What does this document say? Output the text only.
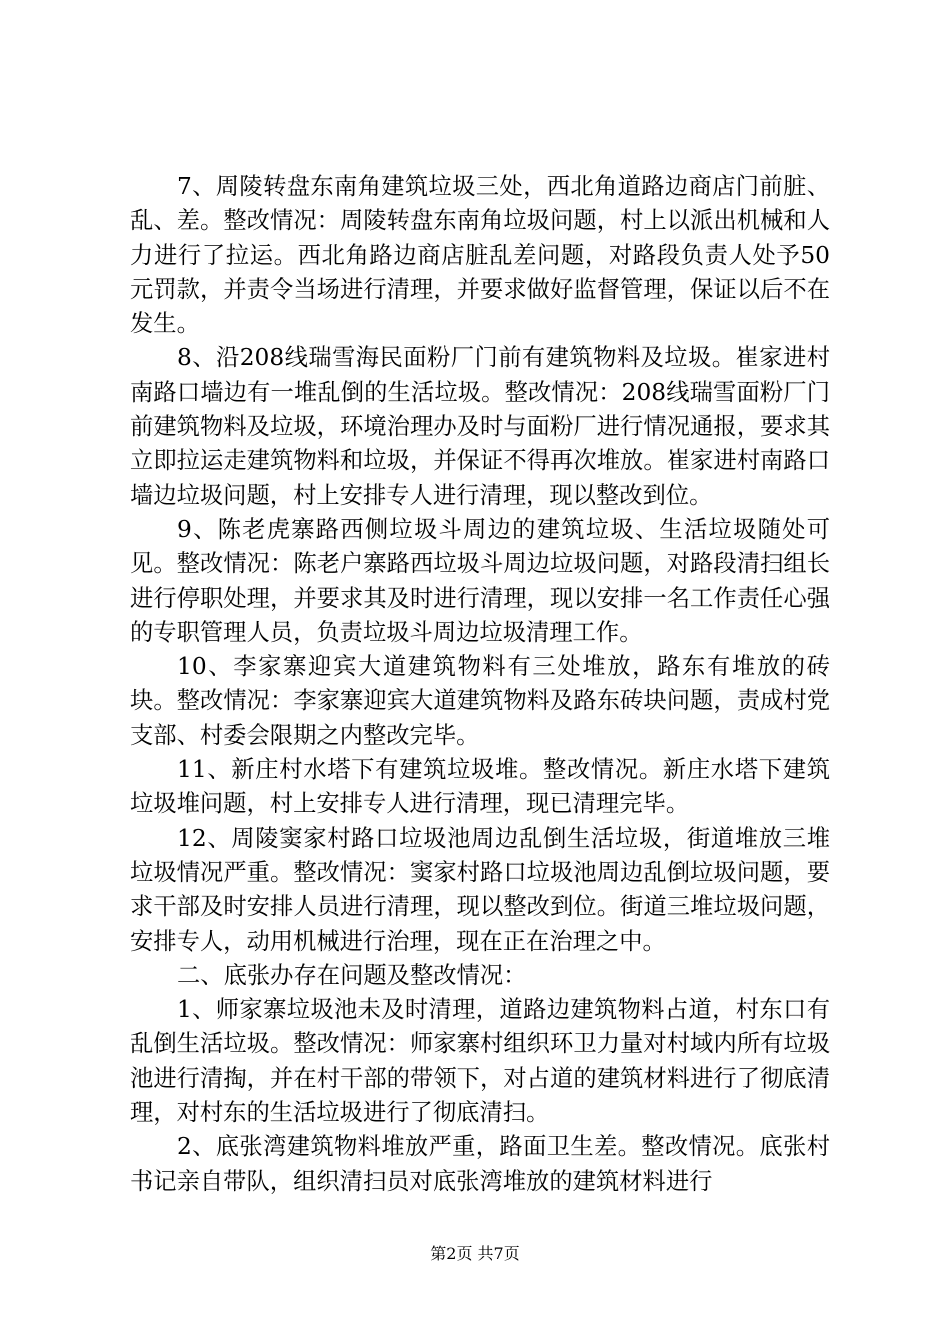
7、周陵转盘东南角建筑垃圾三处，西北角道路边商店门前脏、乱、差。整改情况：周陵转盘东南角垃圾问题，村上以派出机械和人力进行了拉运。西北角路边商店脏乱差问题，对路段负责人处予50元罚款，并责令当场进行清理，并要求做好监督管理，保证以后不在发生。

8、沿208线瑞雪海民面粉厂门前有建筑物料及垃圾。崔家进村南路口墙边有一堆乱倒的生活垃圾。整改情况：208线瑞雪面粉厂门前建筑物料及垃圾，环境治理办及时与面粉厂进行情况通报，要求其立即拉运走建筑物料和垃圾，并保证不得再次堆放。崔家进村南路口墙边垃圾问题，村上安排专人进行清理，现以整改到位。

9、陈老虎寨路西侧垃圾斗周边的建筑垃圾、生活垃圾随处可见。整改情况：陈老户寨路西垃圾斗周边垃圾问题，对路段清扫组长进行停职处理，并要求其及时进行清理，现以安排一名工作责任心强的专职管理人员，负责垃圾斗周边垃圾清理工作。

10、李家寨迎宾大道建筑物料有三处堆放，路东有堆放的砖块。整改情况：李家寨迎宾大道建筑物料及路东砖块问题，责成村党支部、村委会限期之内整改完毕。

11、新庄村水塔下有建筑垃圾堆。整改情况。新庄水塔下建筑垃圾堆问题，村上安排专人进行清理，现已清理完毕。

12、周陵窦家村路口垃圾池周边乱倒生活垃圾，街道堆放三堆垃圾情况严重。整改情况：窦家村路口垃圾池周边乱倒垃圾问题，要求干部及时安排人员进行清理，现以整改到位。街道三堆垃圾问题，安排专人，动用机械进行治理，现在正在治理之中。

二、底张办存在问题及整改情况：

1、师家寨垃圾池未及时清理，道路边建筑物料占道，村东口有乱倒生活垃圾。整改情况：师家寨村组织环卫力量对村域内所有垃圾池进行清掏，并在村干部的带领下，对占道的建筑材料进行了彻底清理，对村东的生活垃圾进行了彻底清扫。

2、底张湾建筑物料堆放严重，路面卫生差。整改情况。底张村书记亲自带队，组织清扫员对底张湾堆放的建筑材料进行

第2页 共7页
